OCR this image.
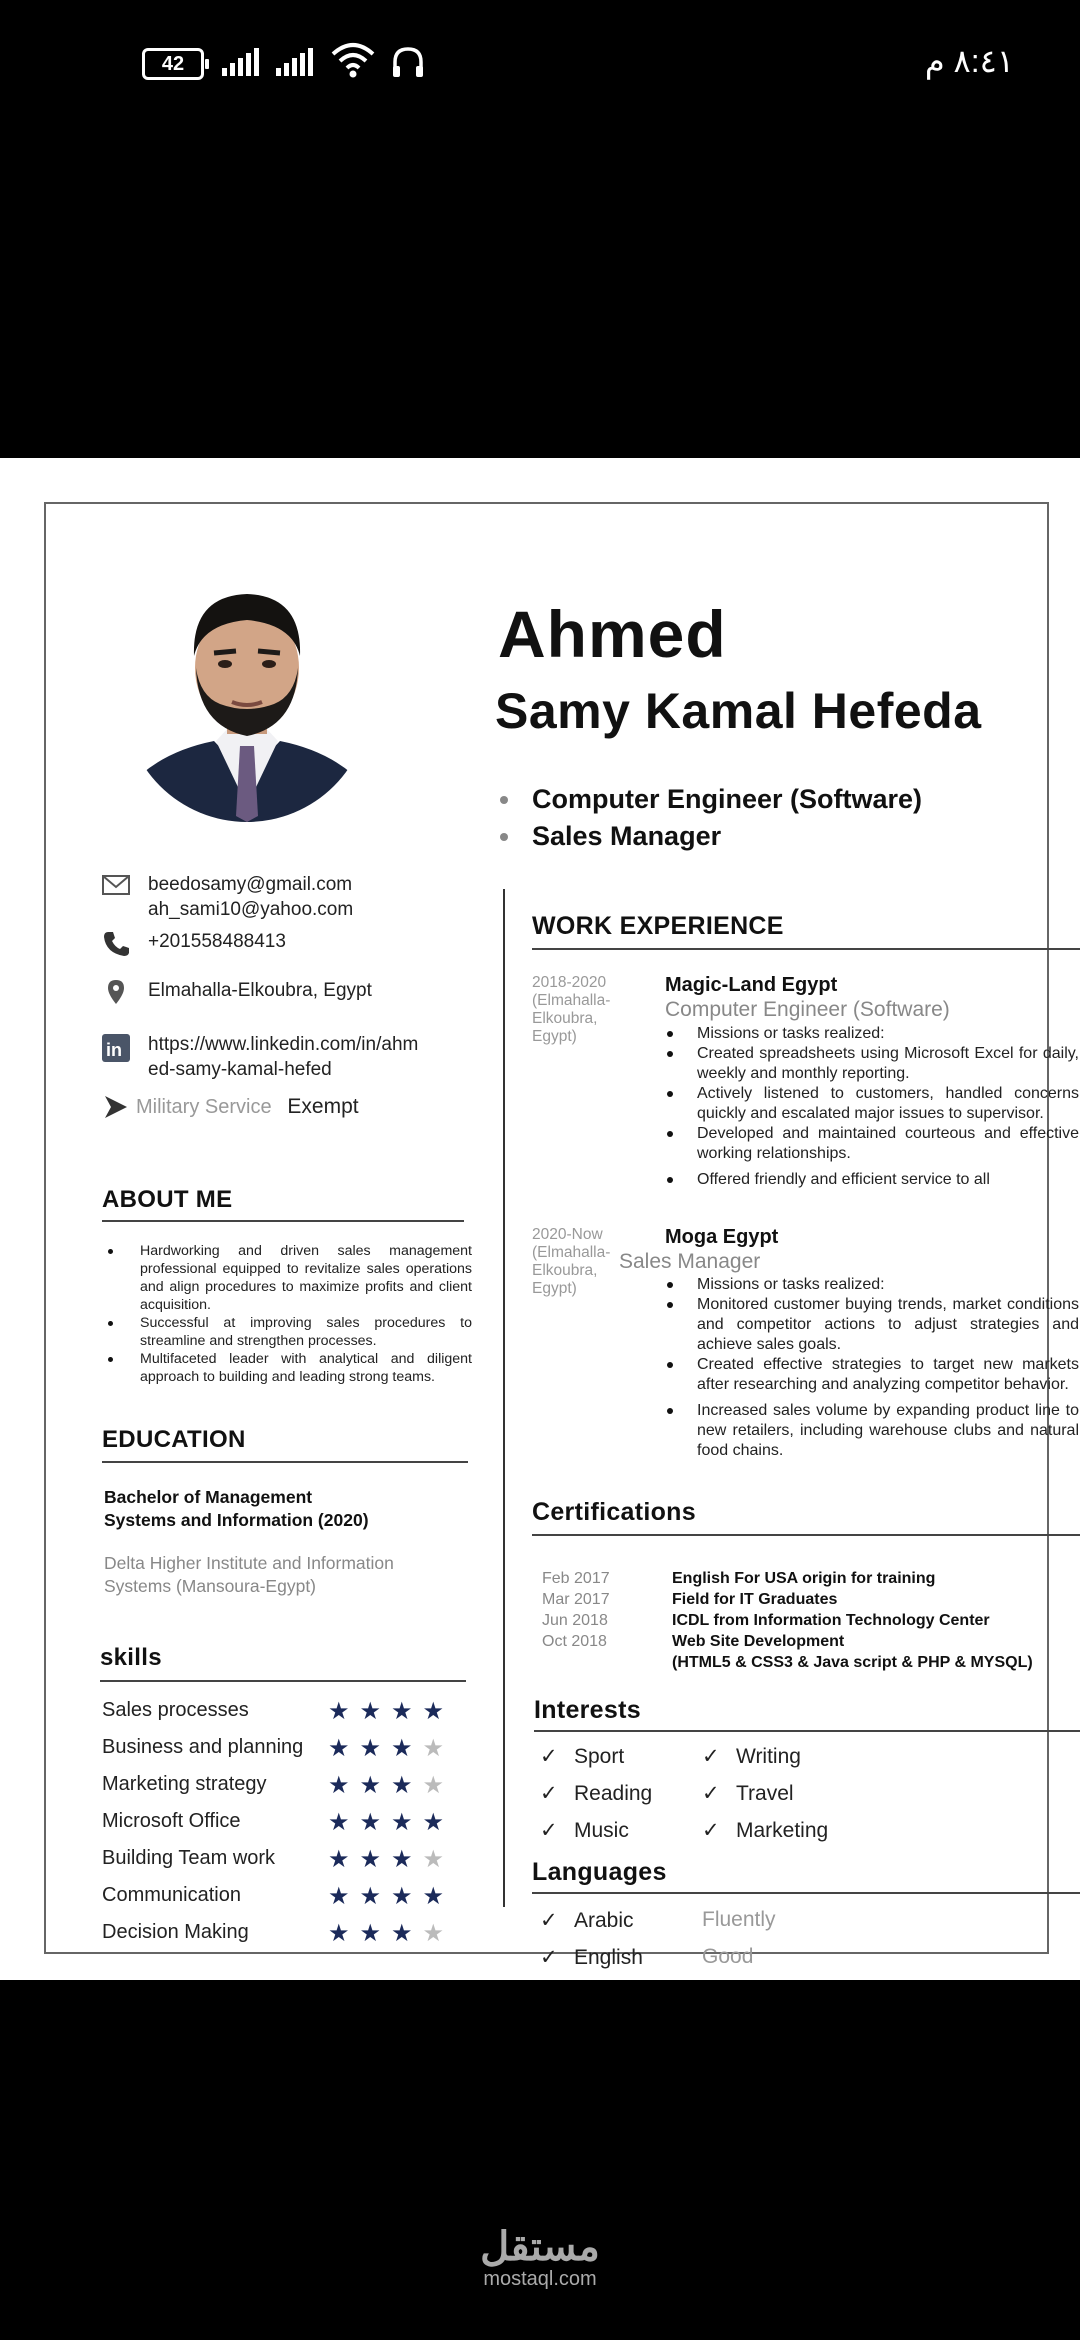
42	٨:٤١ م
Ahmed
Samy Kamal Hefeda
Computer Engineer (Software)
Sales Manager
beedosamy@gmail.com
ah_sami10@yahoo.com
+201558488413
Elmahalla-Elkoubra, Egypt
in https://www.linkedin.com/in/ahm
ed-samy-kamal-hefed
Military Service Exempt
ABOUT ME
Hardworking and driven sales management professional equipped to revitalize sales operations and align procedures to maximize profits and client acquisition.
Successful at improving sales procedures to streamline and strengthen processes.
Multifaceted leader with analytical and diligent approach to building and leading strong teams.
EDUCATION
Bachelor of Management
Systems and Information (2020)
Delta Higher Institute and Information
Systems (Mansoura-Egypt)
skills
Sales processes	★★★★
Business and planning ★★★★
Marketing strategy	★★★★
Microsoft Office	★★★★
Building Team work ★★★★
Communication	★★★★
Decision Making	★★★★
WORK EXPERIENCE
2018-2020
(Elmahalla-Elkoubra, Egypt)
Magic-Land Egypt
Computer Engineer (Software)
Missions or tasks realized:
Created spreadsheets using Microsoft Excel for daily, weekly and monthly reporting.
Actively listened to customers, handled concerns quickly and escalated major issues to supervisor.
Developed and maintained courteous and effective working relationships.
Offered friendly and efficient service to all
2020-Now
(Elmahalla-Elkoubra, Egypt)
Moga Egypt
Sales Manager
Missions or tasks realized:
Monitored customer buying trends, market conditions and competitor actions to adjust strategies and achieve sales goals.
Created effective strategies to target new markets after researching and analyzing competitor behavior.
Increased sales volume by expanding product line to new retailers, including warehouse clubs and natural food chains.
Certifications
Feb 2017	English For USA origin for training
Mar 2017	Field for IT Graduates
Jun 2018	ICDL from Information Technology Center
Oct 2018	Web Site Development
(HTML5 & CSS3 & Java script & PHP & MYSQL)
Interests
✓ Sport	✓ Writing
✓ Reading ✓ Travel
✓ Music	✓ Marketing
Languages
✓ Arabic	Fluently
✓ English	Good
مستقل
mostaql.com
